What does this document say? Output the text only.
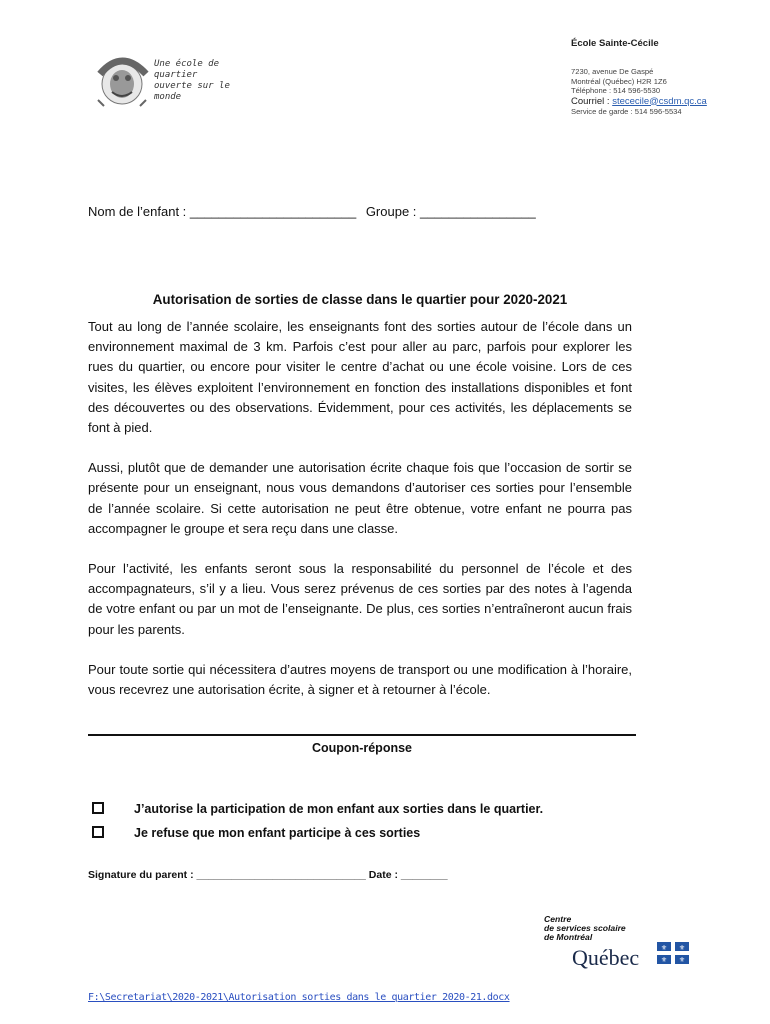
Une école de quartier
ouverte sur le monde
École Sainte-Cécile
7230, avenue De Gaspé
Montréal (Québec) H2R 1Z6
Téléphone : 514 596-5530
Courriel : stececile@csdm.qc.ca
Service de garde : 514 596-5534
Nom de l’enfant : _______________________ Groupe : ________________
Autorisation de sorties de classe dans le quartier pour 2020-2021

Tout au long de l’année scolaire, les enseignants font des sorties autour de l’école dans un environnement maximal de 3 km. Parfois c’est pour aller au parc, parfois pour explorer les rues du quartier, ou encore pour visiter le centre d’achat ou une école voisine. Lors de ces visites, les élèves exploitent l’environnement en fonction des installations disponibles et font des découvertes ou des observations. Évidemment, pour ces activités, les déplacements se font à pied.

Aussi, plutôt que de demander une autorisation écrite chaque fois que l’occasion de sortir se présente pour un enseignant, nous vous demandons d’autoriser ces sorties pour l’ensemble de l’année scolaire. Si cette autorisation ne peut être obtenue, votre enfant ne pourra pas accompagner le groupe et sera reçu dans une classe.

Pour l’activité, les enfants seront sous la responsabilité du personnel de l’école et des accompagnateurs, s’il y a lieu. Vous serez prévenus de ces sorties par des notes à l’agenda de votre enfant ou par un mot de l’enseignante. De plus, ces sorties n’entraîneront aucun frais pour les parents.

Pour toute sortie qui nécessitera d’autres moyens de transport ou une modification à l’horaire, vous recevrez une autorisation écrite, à signer et à retourner à l’école.

Coupon-réponse
J’autorise la participation de mon enfant aux sorties dans le quartier.
Je refuse que mon enfant participe à ces sorties
Signature du parent : _____________________________ Date : ________
Centre
de services scolaire
de Montréal
Québec	⚜ ⚜
⚜ ⚜
F:\Secretariat\2020-2021\Autorisation sorties dans le quartier 2020-21.docx
